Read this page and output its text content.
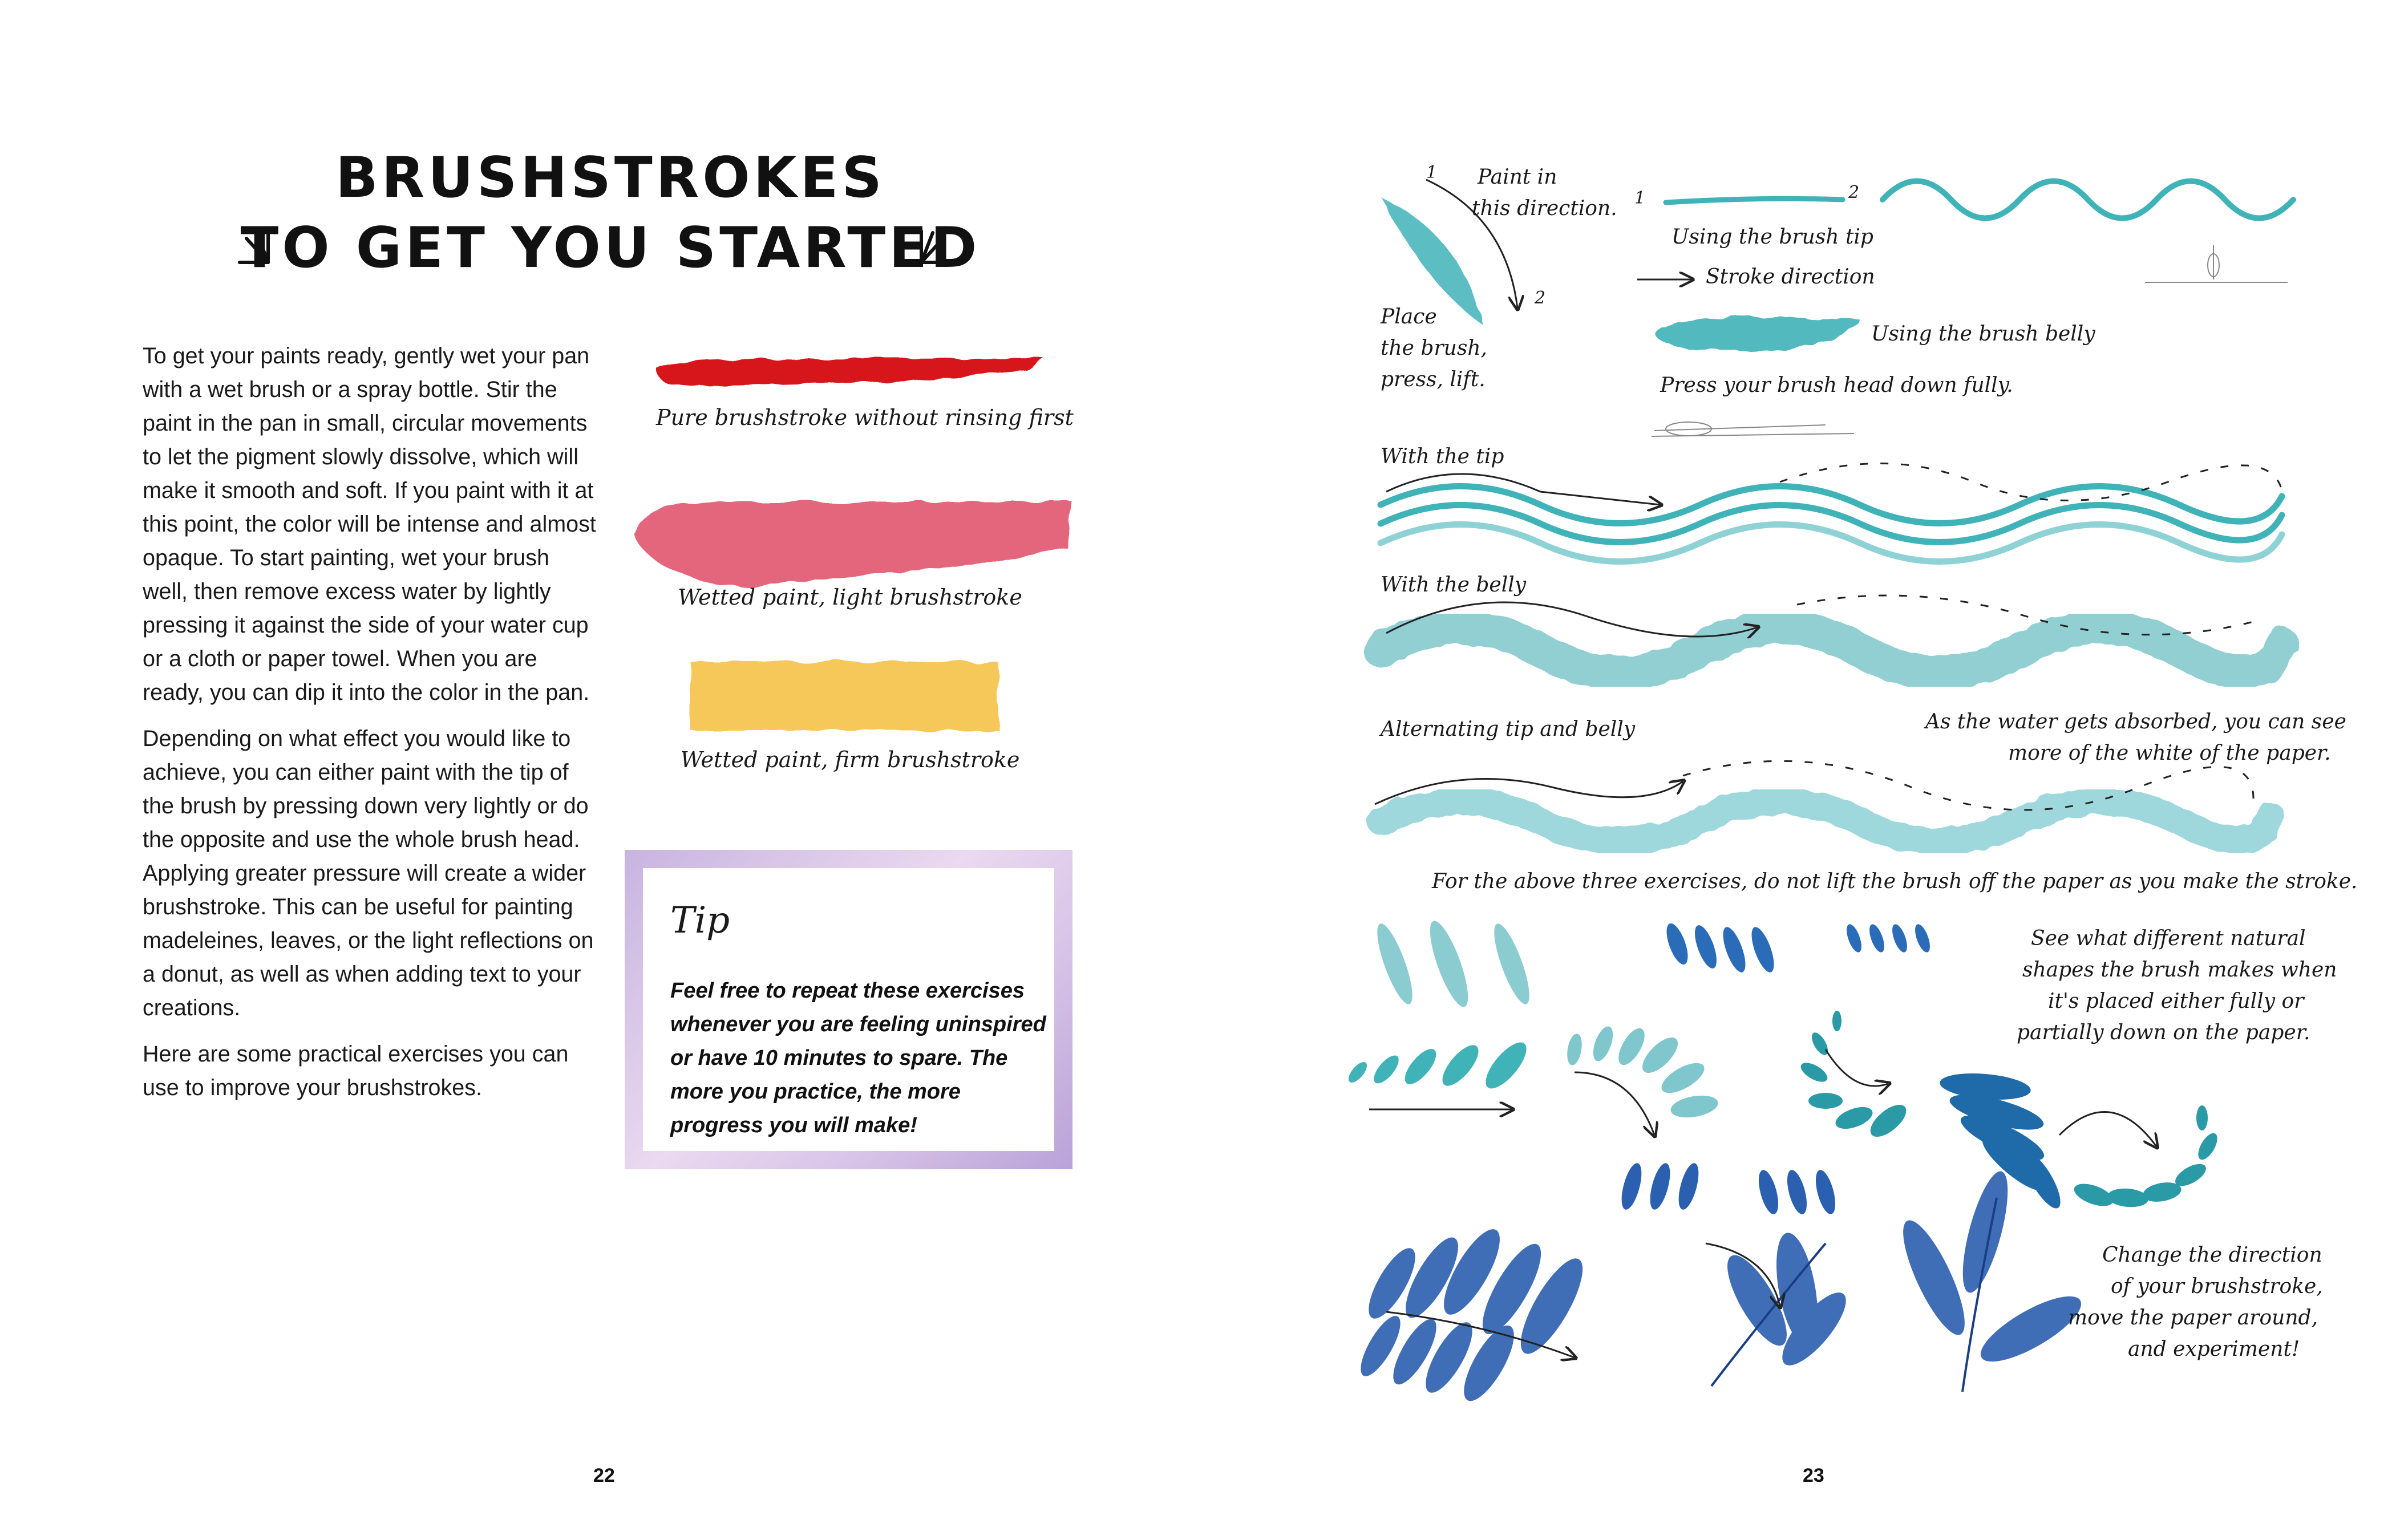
BRUSHSTROKES
TO GET YOU STARTED

To get your paints ready, gently wet your pan with a wet brush or a spray bottle. Stir the paint in the pan in small, circular movements to let the pigment slowly dissolve, which will make it smooth and soft. If you paint with it at this point, the color will be intense and almost opaque. To start painting, wet your brush well, then remove excess water by lightly pressing it against the side of your water cup or a cloth or paper towel. When you are ready, you can dip it into the color in the pan.

Depending on what effect you would like to achieve, you can either paint with the tip of the brush by pressing down very lightly or do the opposite and use the whole brush head. Applying greater pressure will create a wider brushstroke. This can be useful for painting madeleines, leaves, or the light reflections on a donut, as well as when adding text to your creations.

Here are some practical exercises you can use to improve your brushstrokes.

Pure brushstroke without rinsing first
Wetted paint, light brushstroke
Wetted paint, firm brushstroke
Tip
Feel free to repeat these exercises whenever you are feeling uninspired or have 10 minutes to spare. The more you practice, the more progress you will make!
22
Paint in
this direction.
1
2
Place
the brush,
press, lift.
1	2
Using the brush tip
Stroke direction
Using the brush belly
Press your brush head down fully.
With the tip
With the belly
Alternating tip and belly	As the water gets absorbed, you can see
more of the white of the paper.
For the above three exercises, do not lift the brush off the paper as you make the stroke.
See what different natural
shapes the brush makes when
it's placed either fully or
partially down on the paper.
Change the direction
of your brushstroke,
move the paper around,
and experiment!
23
